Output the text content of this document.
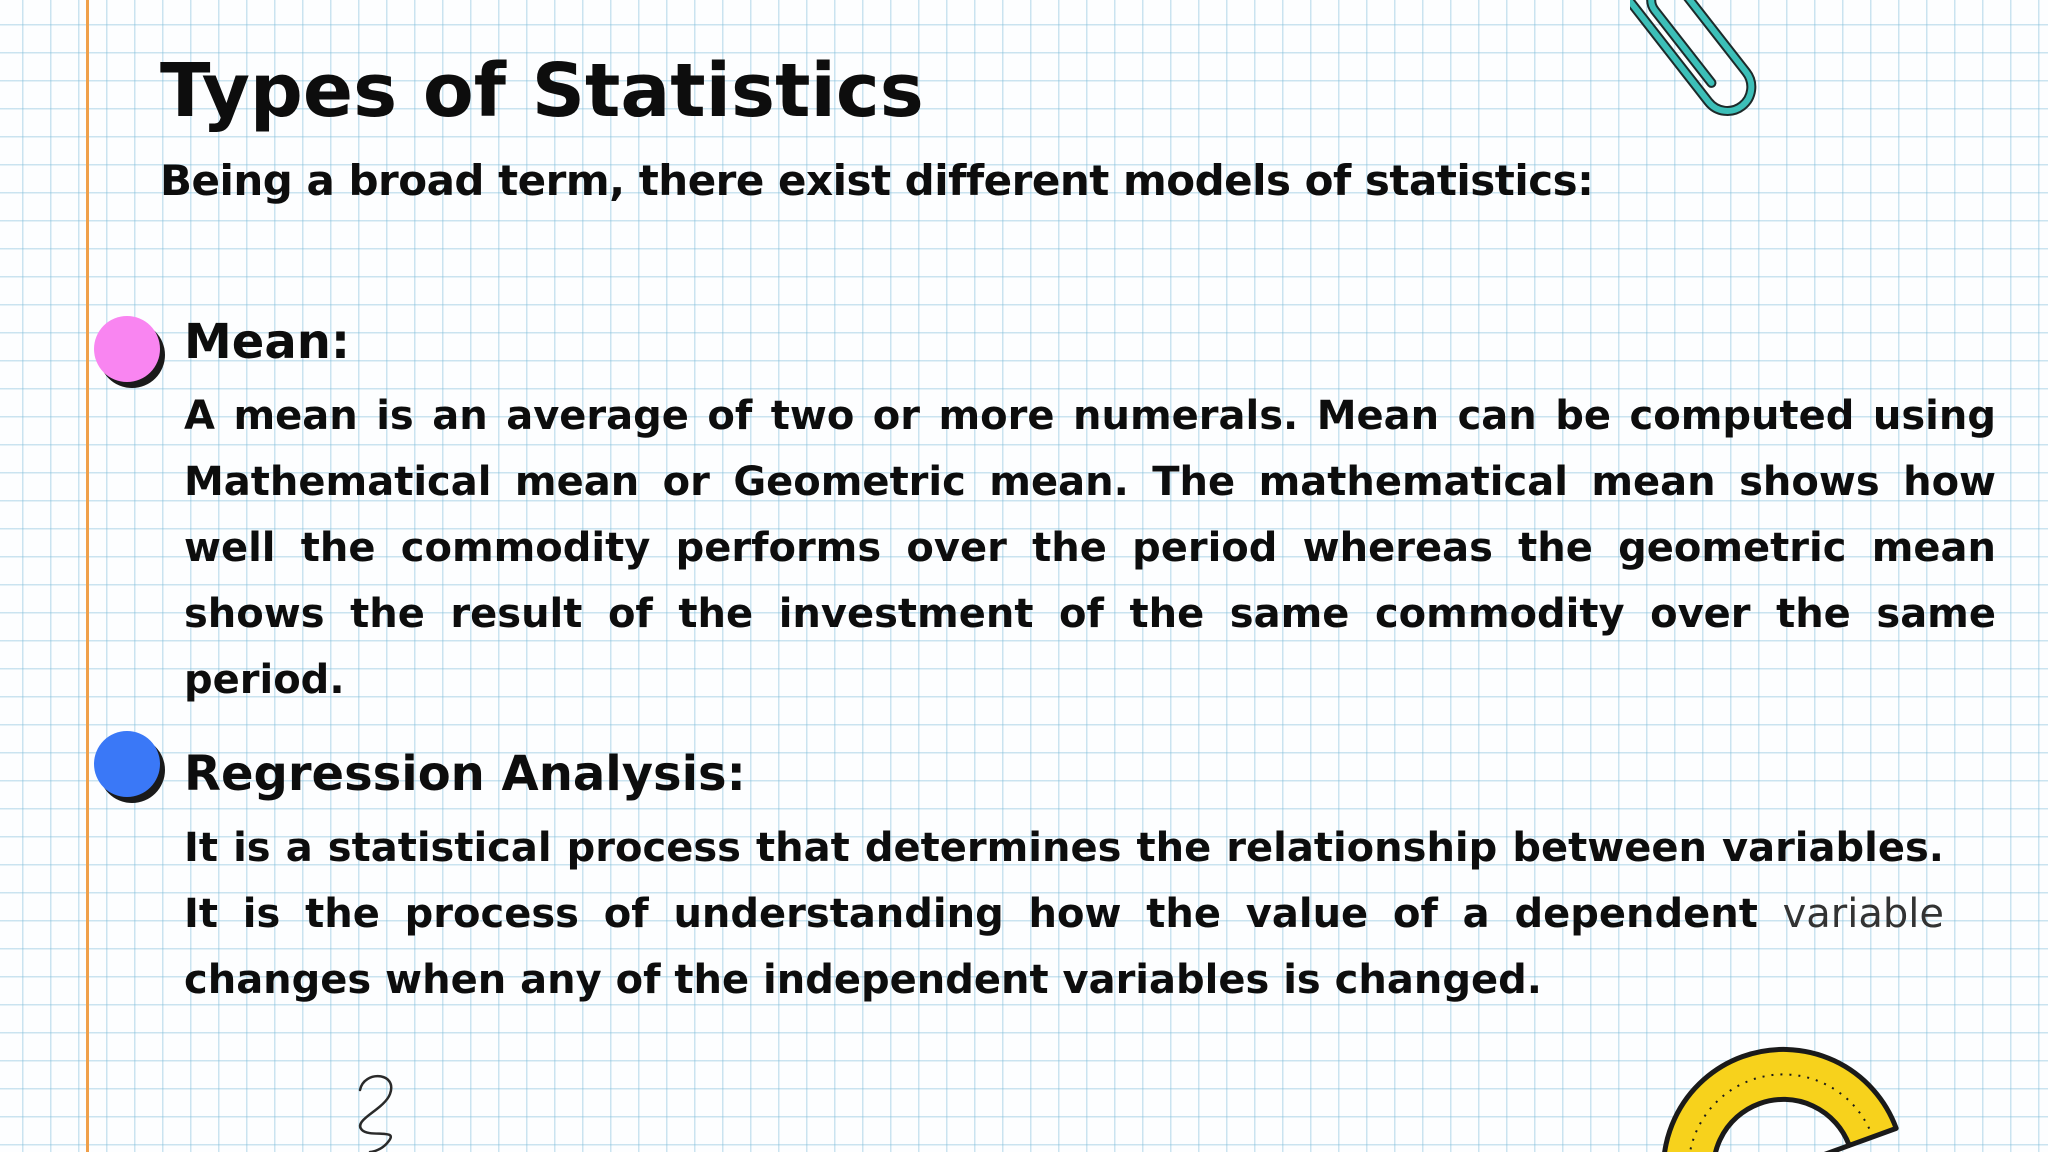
Types of Statistics

Being a broad term, there exist different models of statistics:

Mean:

A mean is an average of two or more numerals. Mean can be computed using Mathematical mean or Geometric mean. The mathematical mean shows how well the commodity performs over the period whereas the geometric mean shows the result of the investment of the same commodity over the same period.

Regression Analysis:

It is a statistical process that determines the relationship between variables. It is the process of understanding how the value of a dependent variable changes when any of the independent variables is changed.
